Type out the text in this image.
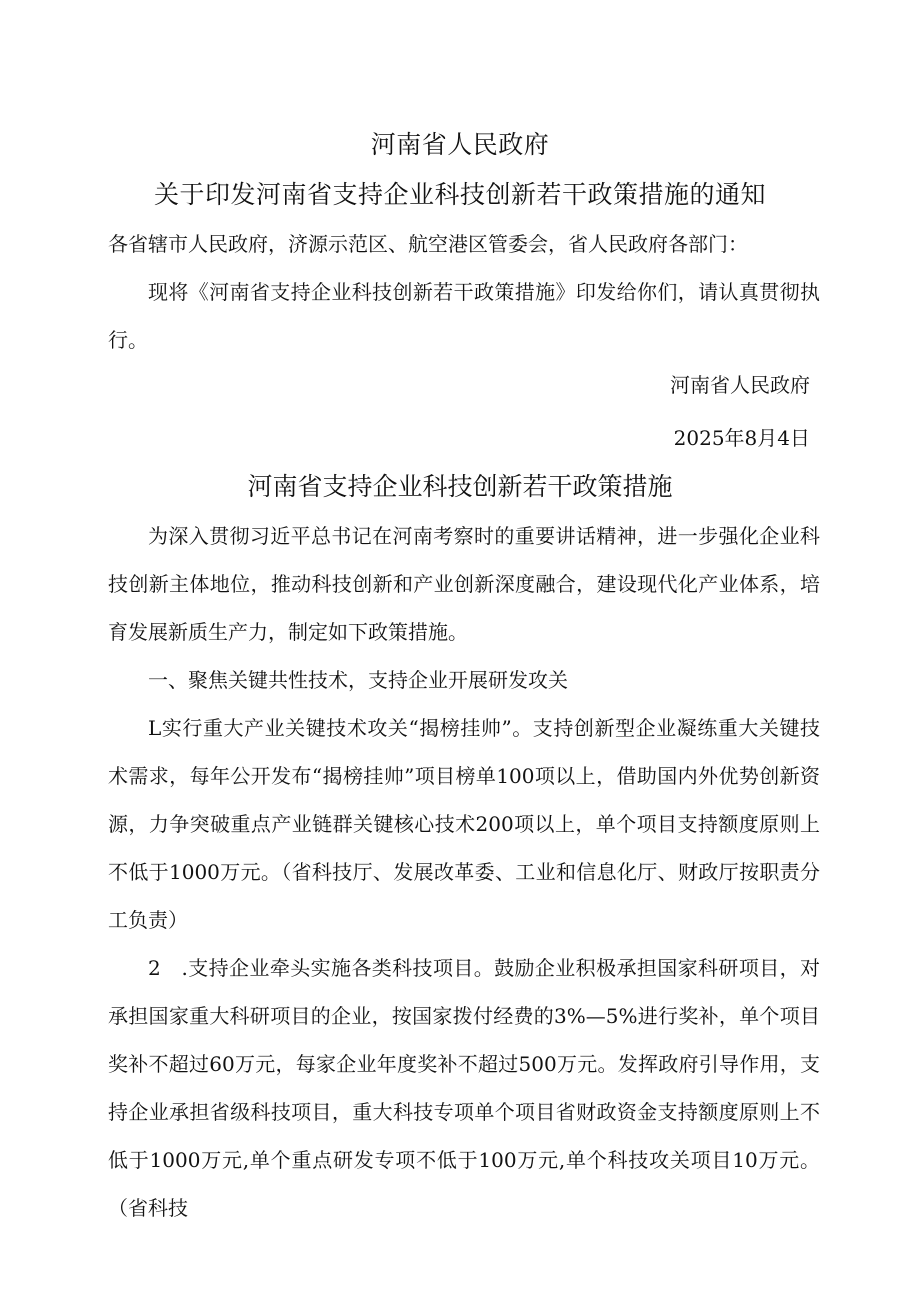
河南省人民政府
关于印发河南省支持企业科技创新若干政策措施的通知

各省辖市人民政府，济源示范区、航空港区管委会，省人民政府各部门：

现将《河南省支持企业科技创新若干政策措施》印发给你们，请认真贯彻执行。

河南省人民政府
2025年8月4日
河南省支持企业科技创新若干政策措施

为深入贯彻习近平总书记在河南考察时的重要讲话精神，进一步强化企业科技创新主体地位，推动科技创新和产业创新深度融合，建设现代化产业体系，培育发展新质生产力，制定如下政策措施。

一、聚焦关键共性技术，支持企业开展研发攻关

L实行重大产业关键技术攻关“揭榜挂帅”。支持创新型企业凝练重大关键技术需求，每年公开发布“揭榜挂帅”项目榜单100项以上，借助国内外优势创新资源，力争突破重点产业链群关键核心技术200项以上，单个项目支持额度原则上不低于1000万元。（省科技厅、发展改革委、工业和信息化厅、财政厅按职责分工负责）

2　.支持企业牵头实施各类科技项目。鼓励企业积极承担国家科研项目，对承担国家重大科研项目的企业，按国家拨付经费的3%—5%进行奖补，单个项目奖补不超过60万元，每家企业年度奖补不超过500万元。发挥政府引导作用，支持企业承担省级科技项目，重大科技专项单个项目省财政资金支持额度原则上不低于1000万元,单个重点研发专项不低于100万元,单个科技攻关项目10万元。（省科技
